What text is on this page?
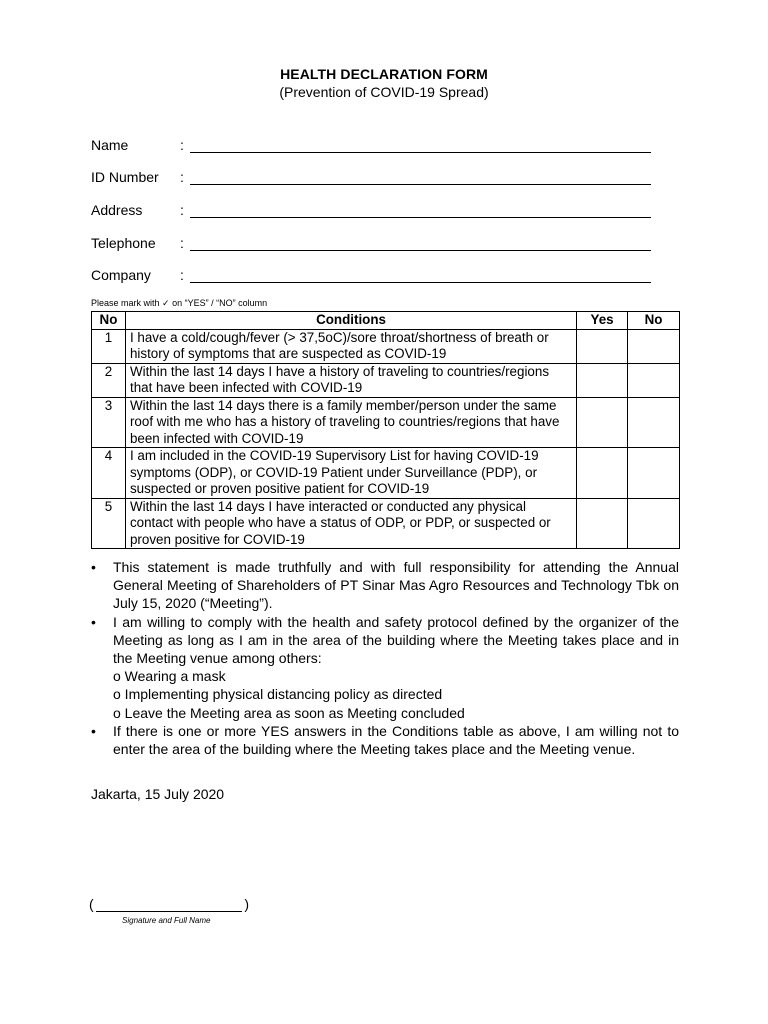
HEALTH DECLARATION FORM
(Prevention of COVID-19 Spread)
Name	:
ID Number :
Address	:
Telephone :
Company :
Please mark with ✓ on “YES” / “NO” column
No	Conditions	Yes	No
1	I have a cold/cough/fever (> 37,5oC)/sore throat/shortness of breath or history of symptoms that are suspected as COVID-19		
2	Within the last 14 days I have a history of traveling to countries/regions that have been infected with COVID-19		
3	Within the last 14 days there is a family member/person under the same roof with me who has a history of traveling to countries/regions that have been infected with COVID-19		
4	I am included in the COVID-19 Supervisory List for having COVID-19 symptoms (ODP), or COVID-19 Patient under Surveillance (PDP), or suspected or proven positive patient for COVID-19		
5	Within the last 14 days I have interacted or conducted any physical contact with people who have a status of ODP, or PDP, or suspected or proven positive for COVID-19		
• This statement is made truthfully and with full responsibility for attending the Annual General Meeting of Shareholders of PT Sinar Mas Agro Resources and Technology Tbk on July 15, 2020 (“Meeting”).
• I am willing to comply with the health and safety protocol defined by the organizer of the Meeting as long as I am in the area of the building where the Meeting takes place and in the Meeting venue among others:
o Wearing a mask
o Implementing physical distancing policy as directed
o Leave the Meeting area as soon as Meeting concluded
• If there is one or more YES answers in the Conditions table as above, I am willing not to enter the area of the building where the Meeting takes place and the Meeting venue.
Jakarta, 15 July 2020
(	)
Signature and Full Name
